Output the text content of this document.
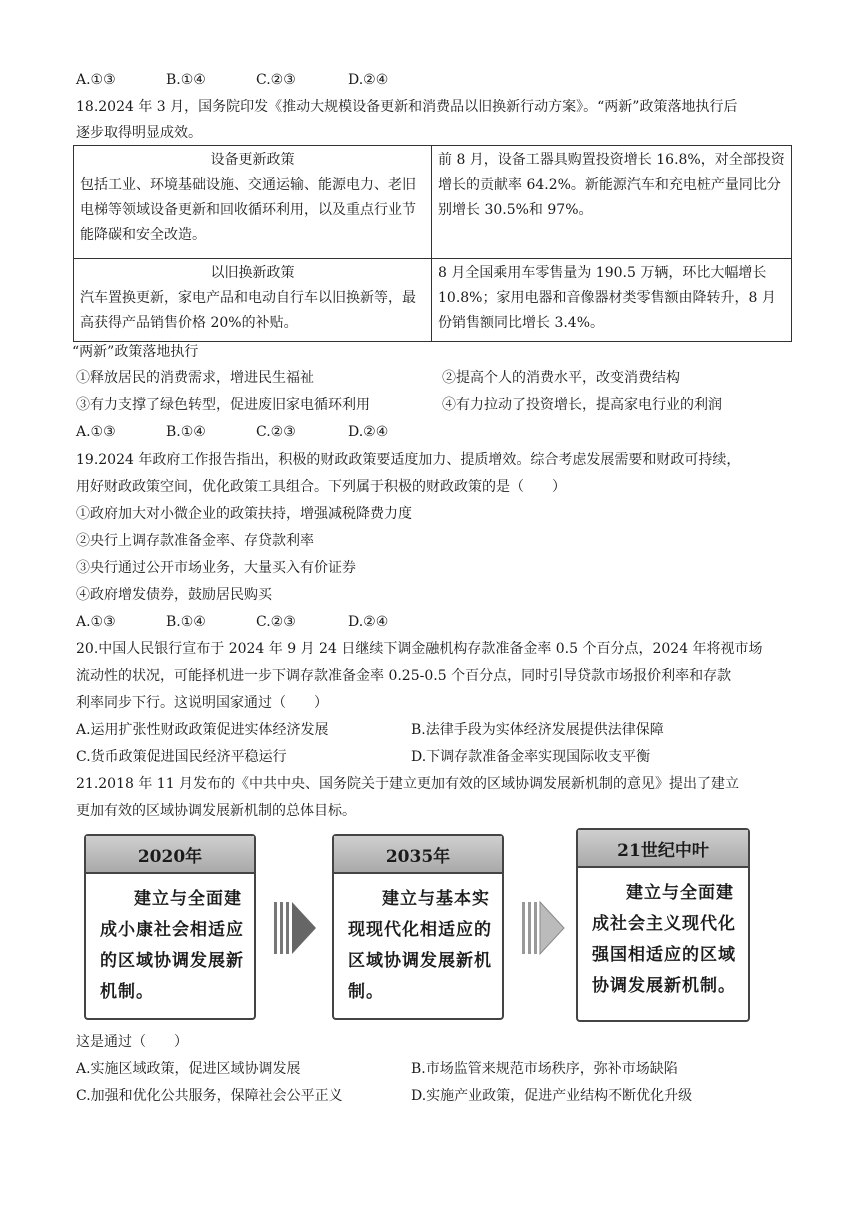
A.①③	B.①④	C.②③	D.②④
18.2024 年 3 月，国务院印发《推动大规模设备更新和消费品以旧换新行动方案》。“两新”政策落地执行后
逐步取得明显成效。
设备更新政策
包括工业、环境基础设施、交通运输、能源电力、老旧电梯等领域设备更新和回收循环利用，以及重点行业节能降碳和安全改造。	前 8 月，设备工器具购置投资增长 16.8%，对全部投资增长的贡献率 64.2%。新能源汽车和充电桩产量同比分别增长 30.5%和 97%。

以旧换新政策
汽车置换更新，家电产品和电动自行车以旧换新等，最高获得产品销售价格 20%的补贴。	8 月全国乘用车零售量为 190.5 万辆，环比大幅增长 10.8%；家用电器和音像器材类零售额由降转升，8 月份销售额同比增长 3.4%。
“两新”政策落地执行
①释放居民的消费需求，增进民生福祉	②提高个人的消费水平，改变消费结构
③有力支撑了绿色转型，促进废旧家电循环利用	④有力拉动了投资增长，提高家电行业的利润
A.①③	B.①④	C.②③	D.②④
19.2024 年政府工作报告指出，积极的财政政策要适度加力、提质增效。综合考虑发展需要和财政可持续，
用好财政政策空间，优化政策工具组合。下列属于积极的财政政策的是（　　）
①政府加大对小微企业的政策扶持，增强减税降费力度
②央行上调存款准备金率、存贷款利率
③央行通过公开市场业务，大量买入有价证券
④政府增发债券，鼓励居民购买
A.①③	B.①④	C.②③	D.②④
20.中国人民银行宣布于 2024 年 9 月 24 日继续下调金融机构存款准备金率 0.5 个百分点，2024 年将视市场
流动性的状况，可能择机进一步下调存款准备金率 0.25-0.5 个百分点，同时引导贷款市场报价利率和存款
利率同步下行。这说明国家通过（　　）
A.运用扩张性财政政策促进实体经济发展	B.法律手段为实体经济发展提供法律保障
C.货币政策促进国民经济平稳运行	D.下调存款准备金率实现国际收支平衡
21.2018 年 11 月发布的《中共中央、国务院关于建立更加有效的区域协调发展新机制的意见》提出了建立
更加有效的区域协调发展新机制的总体目标。
2020年
建立与全面建成小康社会相适应的区域协调发展新机制。
2035年
建立与基本实现现代化相适应的区域协调发展新机制。
21世纪中叶
建立与全面建成社会主义现代化强国相适应的区域协调发展新机制。
这是通过（　　）
A.实施区域政策，促进区域协调发展	B.市场监管来规范市场秩序，弥补市场缺陷
C.加强和优化公共服务，保障社会公平正义	D.实施产业政策，促进产业结构不断优化升级
